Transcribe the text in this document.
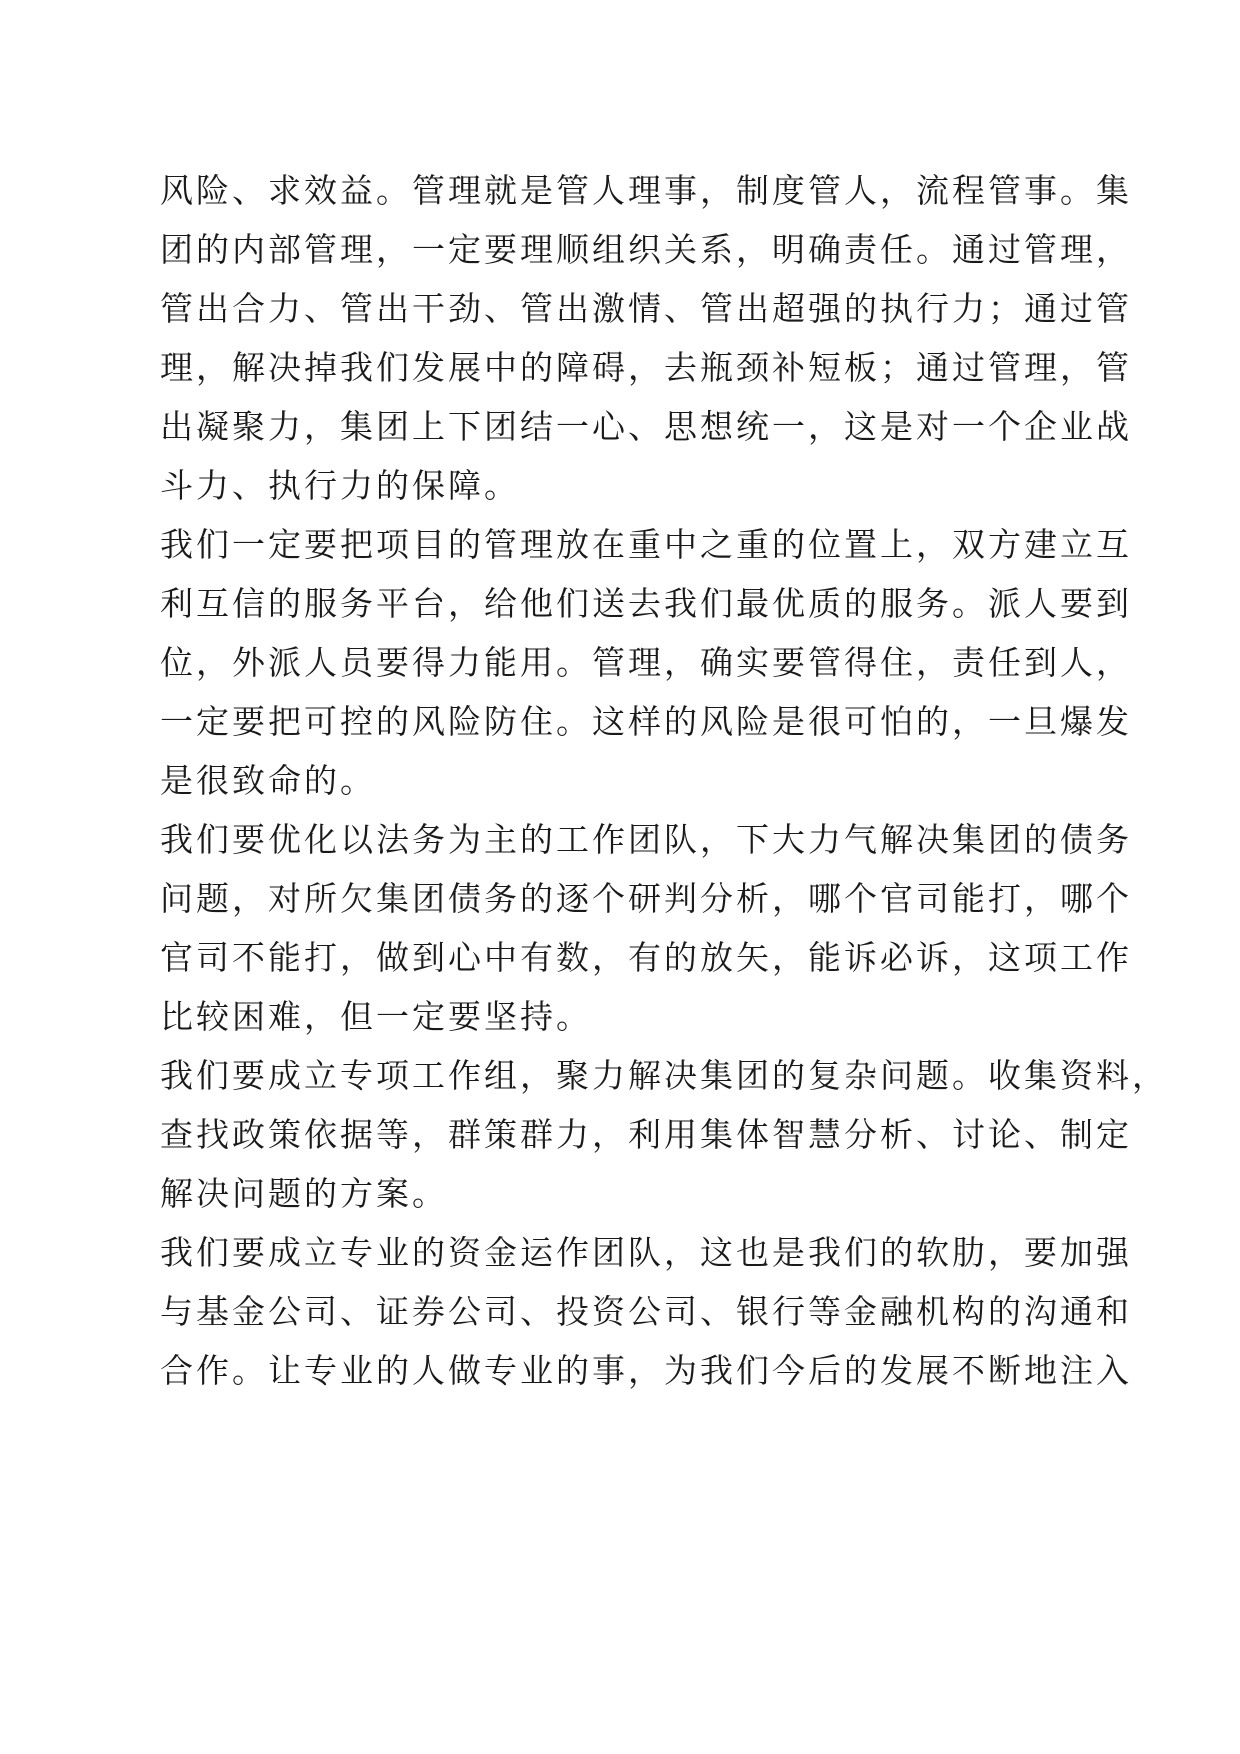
风险、求效益。管理就是管人理事，制度管人，流程管事。集

团的内部管理，一定要理顺组织关系，明确责任。通过管理，

管出合力、管出干劲、管出激情、管出超强的执行力；通过管

理，解决掉我们发展中的障碍，去瓶颈补短板；通过管理，管

出凝聚力，集团上下团结一心、思想统一，这是对一个企业战

斗力、执行力的保障。

我们一定要把项目的管理放在重中之重的位置上，双方建立互

利互信的服务平台，给他们送去我们最优质的服务。派人要到

位，外派人员要得力能用。管理，确实要管得住，责任到人，

一定要把可控的风险防住。这样的风险是很可怕的，一旦爆发

是很致命的。

我们要优化以法务为主的工作团队，下大力气解决集团的债务

问题，对所欠集团债务的逐个研判分析，哪个官司能打，哪个

官司不能打，做到心中有数，有的放矢，能诉必诉，这项工作

比较困难，但一定要坚持。

我们要成立专项工作组，聚力解决集团的复杂问题。收集资料，

查找政策依据等，群策群力，利用集体智慧分析、讨论、制定

解决问题的方案。

我们要成立专业的资金运作团队，这也是我们的软肋，要加强

与基金公司、证券公司、投资公司、银行等金融机构的沟通和

合作。让专业的人做专业的事，为我们今后的发展不断地注入
